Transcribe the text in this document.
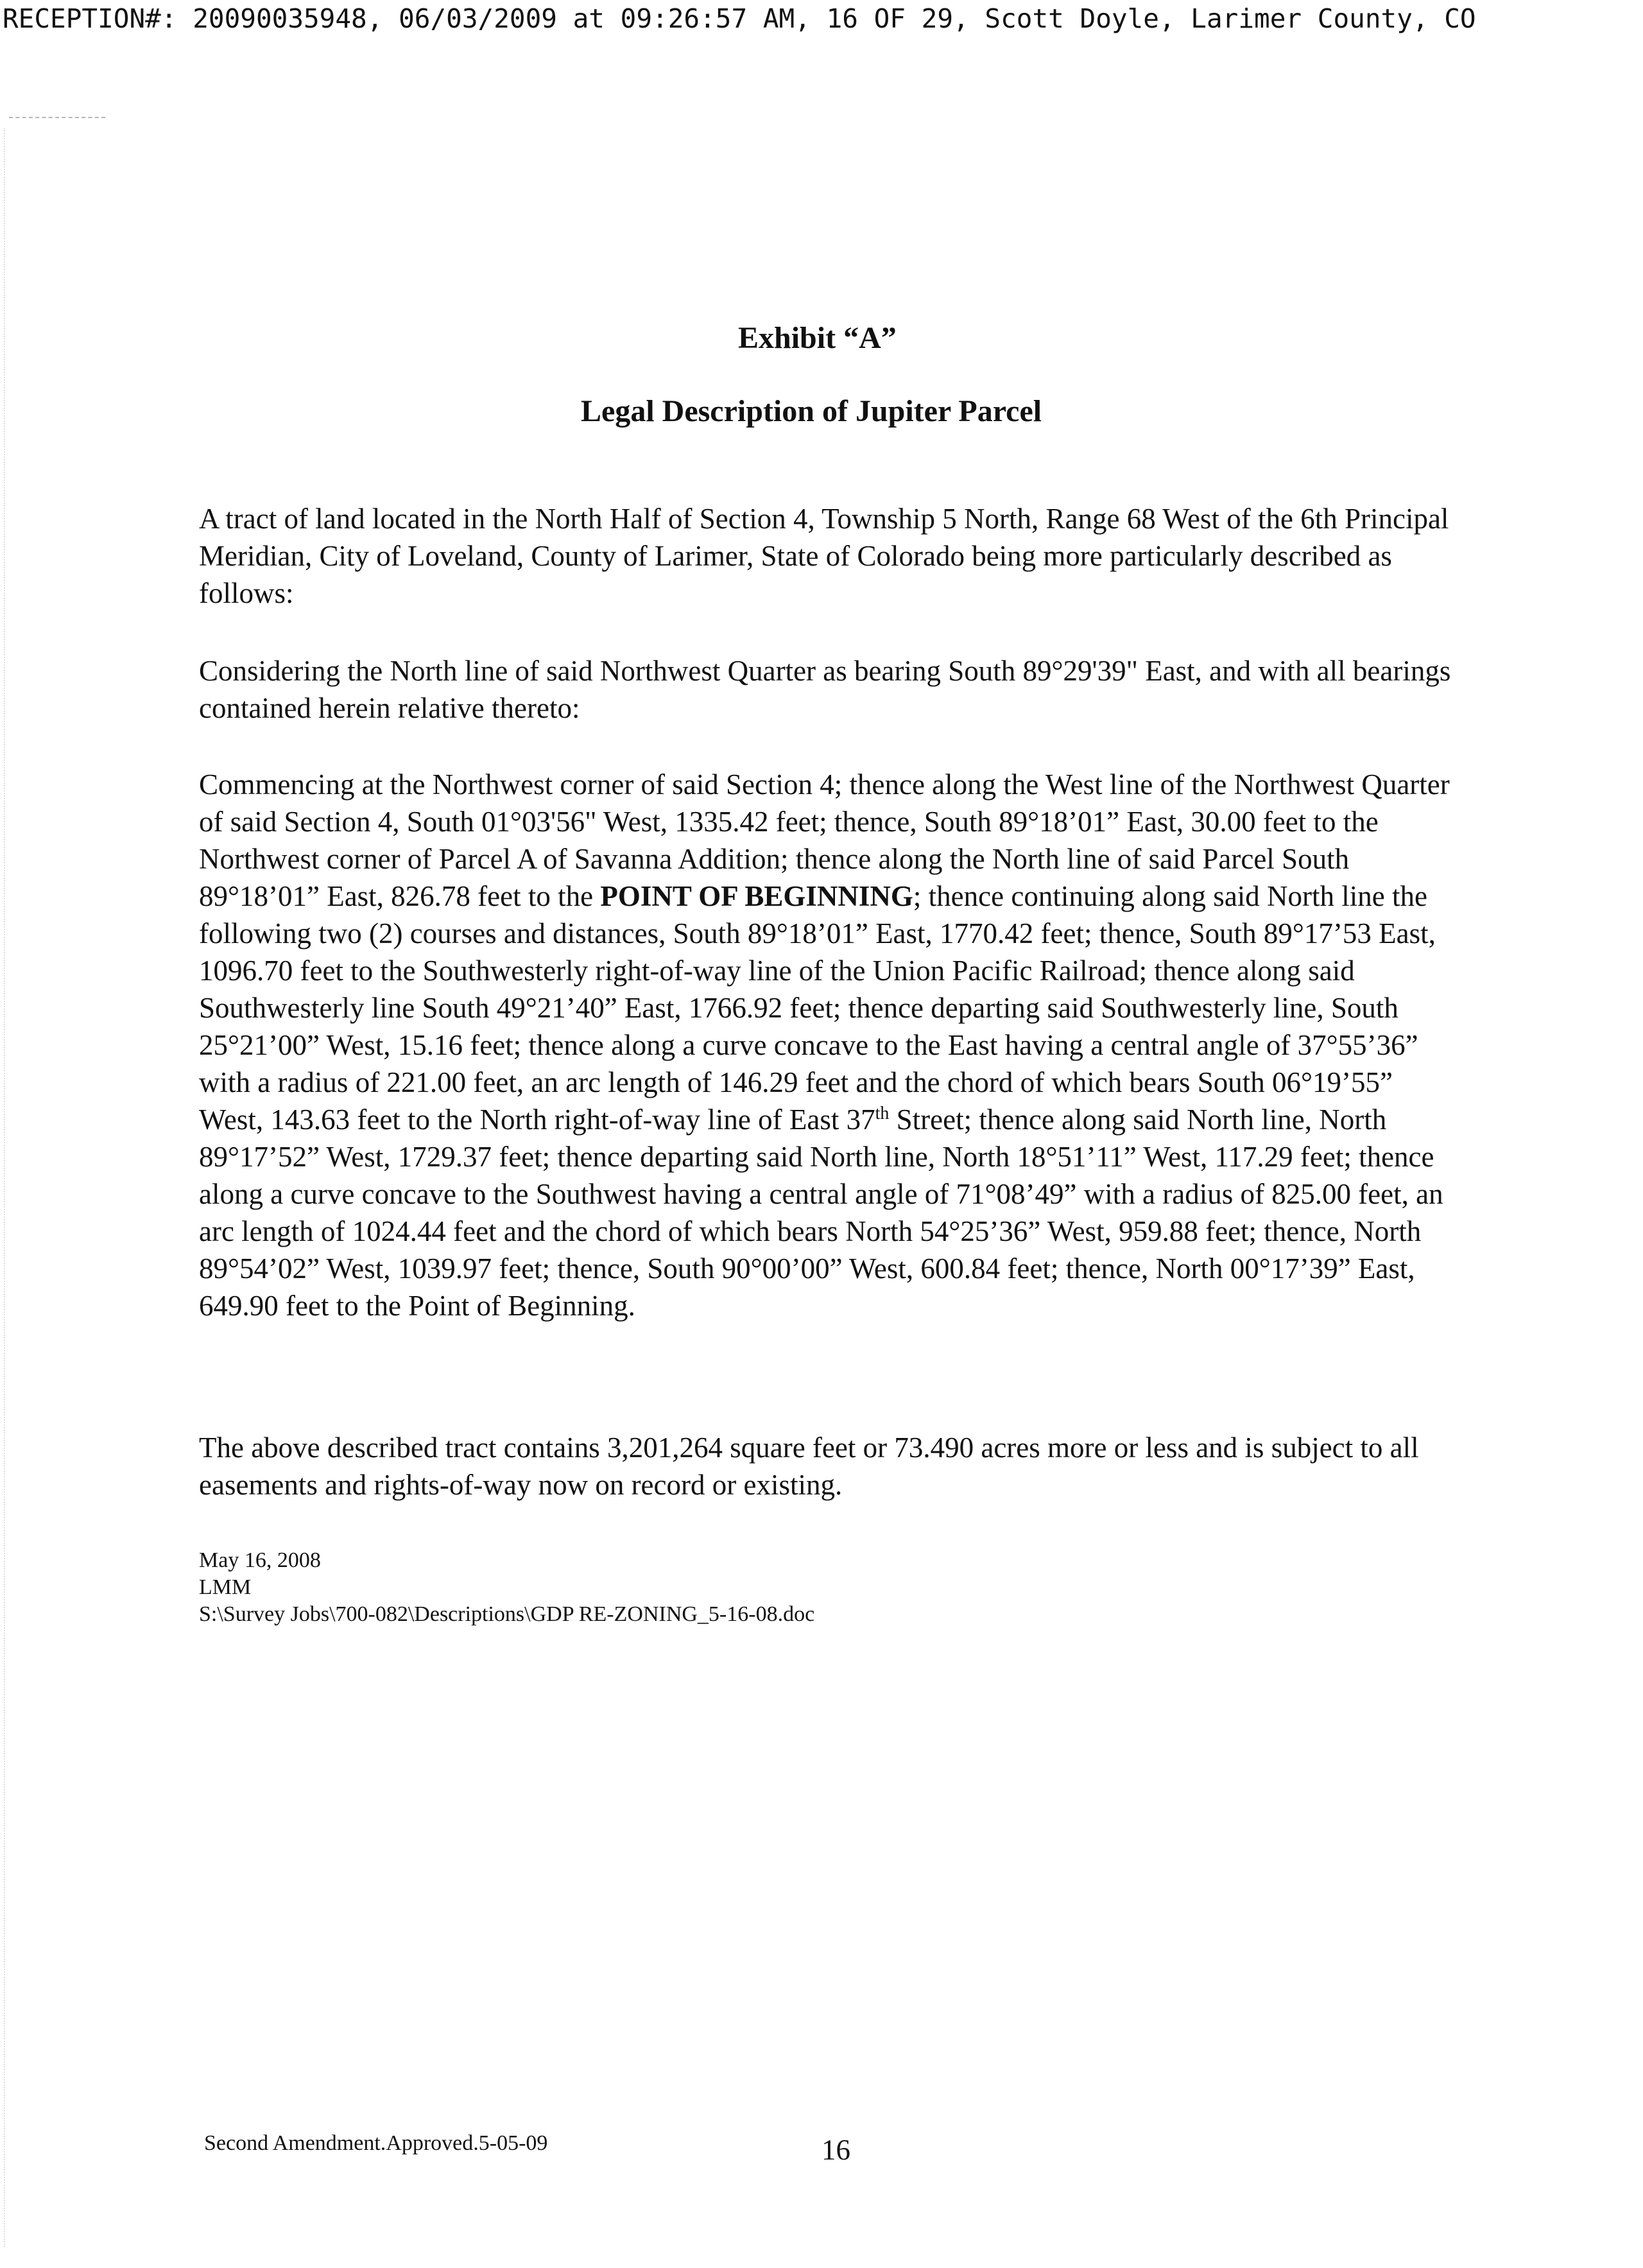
RECEPTION#: 20090035948, 06/03/2009 at 09:26:57 AM, 16 OF 29, Scott Doyle, Larimer County, CO

Exhibit “A”
Legal Description of Jupiter Parcel

A tract of land located in the North Half of Section 4, Township 5 North, Range 68 West of the 6th Principal Meridian, City of Loveland, County of Larimer, State of Colorado being more particularly described as follows:

Considering the North line of said Northwest Quarter as bearing South 89°29'39" East, and with all bearings contained herein relative thereto:

Commencing at the Northwest corner of said Section 4; thence along the West line of the Northwest Quarter of said Section 4, South 01°03'56" West, 1335.42 feet; thence, South 89°18’01” East, 30.00 feet to the Northwest corner of Parcel A of Savanna Addition; thence along the North line of said Parcel South 89°18’01” East, 826.78 feet to the POINT OF BEGINNING; thence continuing along said North line the following two (2) courses and distances, South 89°18’01” East, 1770.42 feet; thence, South 89°17’53 East, 1096.70 feet to the Southwesterly right-of-way line of the Union Pacific Railroad; thence along said Southwesterly line South 49°21’40” East, 1766.92 feet; thence departing said Southwesterly line, South 25°21’00” West, 15.16 feet; thence along a curve concave to the East having a central angle of 37°55’36” with a radius of 221.00 feet, an arc length of 146.29 feet and the chord of which bears South 06°19’55” West, 143.63 feet to the North right-of-way line of East 37th Street; thence along said North line, North 89°17’52” West, 1729.37 feet; thence departing said North line, North 18°51’11” West, 117.29 feet; thence along a curve concave to the Southwest having a central angle of 71°08’49” with a radius of 825.00 feet, an arc length of 1024.44 feet and the chord of which bears North 54°25’36” West, 959.88 feet; thence, North 89°54’02” West, 1039.97 feet; thence, South 90°00’00” West, 600.84 feet; thence, North 00°17’39” East, 649.90 feet to the Point of Beginning.

The above described tract contains 3,201,264 square feet or 73.490 acres more or less and is subject to all easements and rights-of-way now on record or existing.

May 16, 2008
LMM
S:\Survey Jobs\700-082\Descriptions\GDP RE-ZONING_5-16-08.doc
Second Amendment.Approved.5-05-09	16
